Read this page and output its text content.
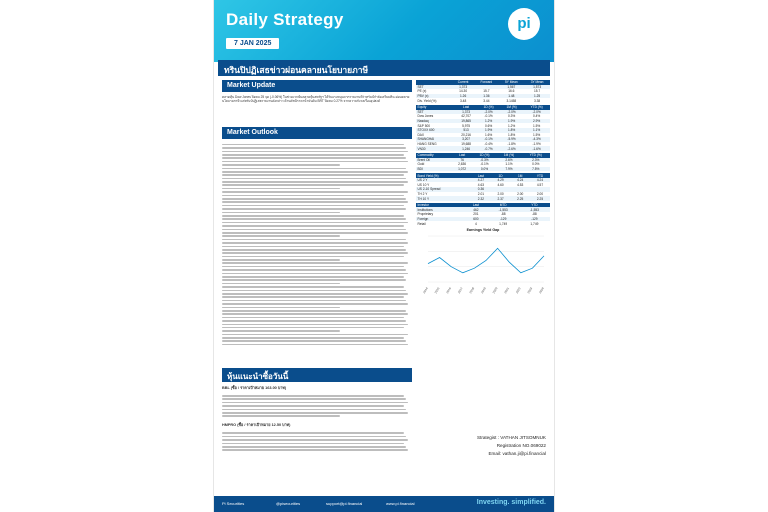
Daily Strategy
7 JAN 2025
pi
ทรินปิปฏิเสธข่าวผ่อนคลายนโยบายภาษี
Market Update
ตลาดหุ้น Dow Jones ปิดลบ 25 จุด (-0.06%) ในช่วงแรกนั้นตลาดหุ้นสหรัฐฯ ได้รับแรงหนุนจากรายงานที่ว่าทรัมป์กำลังเตรียมที่จะผ่อนคลายนโยบายภาษี แต่ทรัมป์ปฏิเสธรายงานดังกล่าว ด้านดัชนีราคาน้ำมันดิบ BRT ปิดลบ 0.27% จากความกังวลเรื่องอุปสงค์
Market Outlook
หุ้นแนะนำซื้อวันนี้
BBL (ซื้อ / ราคาเป้าหมาย 163.00 บาท)
HMPRO (ซื้อ / ราคาเป้าหมาย 12.50 บาท)
	Current	Forward	5Y Mean	3Y Mean
SET	1,373		1,567	1,573
PE (x)	14.30	15.7	16.6	15.7
PBV (x)	1.26	1.36	1.48	1.25
Div. Yield (%)	3.48	3.44	3.1458	3.38
Equity	Last	1D (%)	1M (%)	YTD (%)
SET	1,373	-2.0%	-2.0%	-2.0%
Dow Jones	42,707	-0.1%	0.3%	0.4%
Nasdaq	19,865	1.2%	1.9%	2.9%
S&P 500	5,975	0.6%	1.2%	1.5%
STOXX 600	513	1.9%	1.8%	1.1%
DAX	20,216	1.6%	1.8%	1.5%
SHANGHAI	3,207	-0.1%	-5.9%	-4.3%
HANG SENG	19,688	-0.4%	-1.8%	-1.9%
VN30	1,246	-0.7%	-2.6%	-1.6%
Commodity	Last	1D (%)	1M (%)	YTD (%)
Brent Oil	76	-0.3%	2.6%	2.3%
Gold	2,636	-0.1%	1.1%	0.0%
BDI	1,072	0.0%	7.9%	7.5%
Bond Yield (%)	Last	1D	1M	YTD
US 2 Y	4.27	4.29	4.24	4.24
US 10 Y	4.63	4.60	4.53	4.57
US 2-10 Spread	0.36			
TH 2 Y	2.01	2.00	2.00	2.00
TH 10 Y	2.32	2.37	2.25	2.25
Investor	Last	MTD	YTD
Institutions	462	-1,553	-1,553
Proprietary	201	-88	-88
Foreign	600	-129	-129
Retail	4	1,749	1,749
Earnings Yield Gap
2014 2015 2016 2017 2018 2019 2020 2021 2022 2023 2024
Strategist : VATHAN JITSOMNUK
Registration NO.069022
Email: vathan.ji@pi.financial
Pi Securities	@pisecurities	support@pi.financial	www.pi.financial	Investing. simplified.
